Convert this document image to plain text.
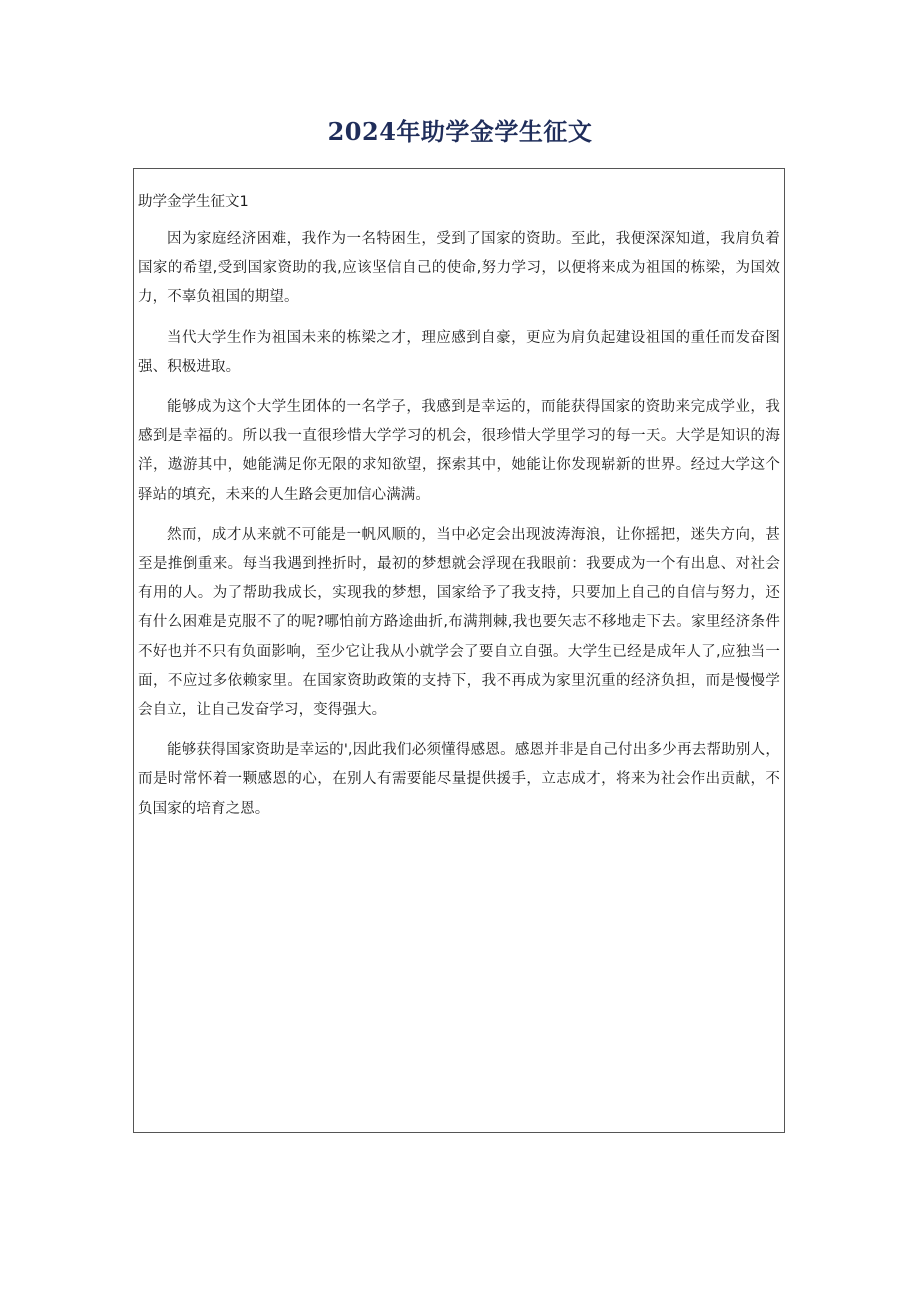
2024年助学金学生征文

助学金学生征文1

因为家庭经济困难，我作为一名特困生，受到了国家的资助。至此，我便深深知道，我肩负着国家的希望,受到国家资助的我,应该坚信自己的使命,努力学习，以便将来成为祖国的栋梁，为国效力，不辜负祖国的期望。

当代大学生作为祖国未来的栋梁之才，理应感到自豪，更应为肩负起建设祖国的重任而发奋图强、积极进取。

能够成为这个大学生团体的一名学子，我感到是幸运的，而能获得国家的资助来完成学业，我感到是幸福的。所以我一直很珍惜大学学习的机会，很珍惜大学里学习的每一天。大学是知识的海洋，遨游其中，她能满足你无限的求知欲望，探索其中，她能让你发现崭新的世界。经过大学这个驿站的填充，未来的人生路会更加信心满满。

然而，成才从来就不可能是一帆风顺的，当中必定会出现波涛海浪，让你摇把，迷失方向，甚至是推倒重来。每当我遇到挫折时，最初的梦想就会浮现在我眼前：我要成为一个有出息、对社会有用的人。为了帮助我成长，实现我的梦想，国家给予了我支持，只要加上自己的自信与努力，还有什么困难是克服不了的呢?哪怕前方路途曲折,布满荆棘,我也要矢志不移地走下去。家里经济条件不好也并不只有负面影响，至少它让我从小就学会了要自立自强。大学生已经是成年人了,应独当一面，不应过多依赖家里。在国家资助政策的支持下，我不再成为家里沉重的经济负担，而是慢慢学会自立，让自己发奋学习，变得强大。

能够获得国家资助是幸运的',因此我们必须懂得感恩。感恩并非是自己付出多少再去帮助别人，而是时常怀着一颗感恩的心，在别人有需要能尽量提供援手，立志成才，将来为社会作出贡献，不负国家的培育之恩。
